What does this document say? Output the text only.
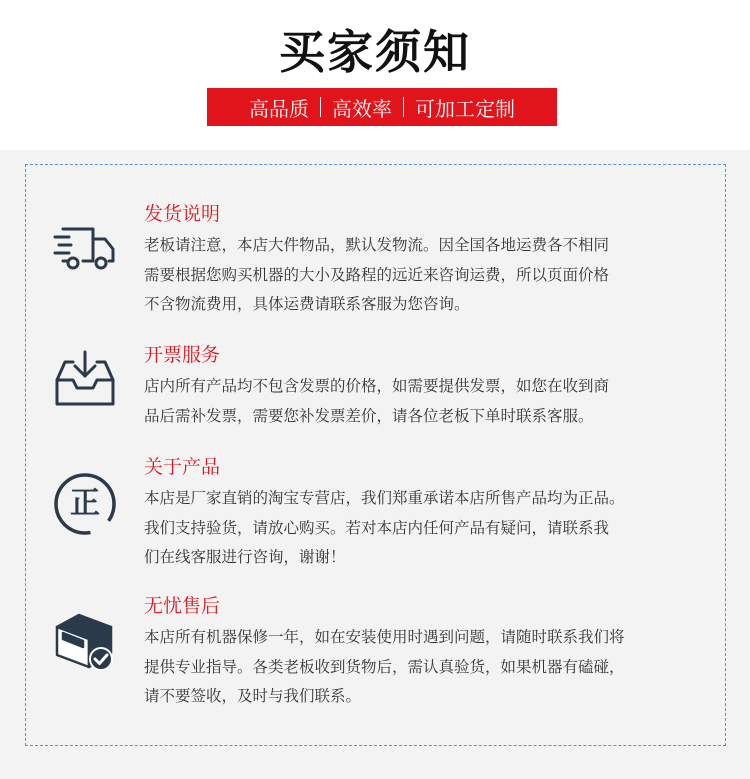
买家须知
高品质 高效率 可加工定制
发货说明
老板请注意，本店大件物品，默认发物流。因全国各地运费各不相同
需要根据您购买机器的大小及路程的远近来咨询运费，所以页面价格
不含物流费用，具体运费请联系客服为您咨询。
开票服务
店内所有产品均不包含发票的价格，如需要提供发票，如您在收到商
品后需补发票，需要您补发票差价，请各位老板下单时联系客服。
正
关于产品
本店是厂家直销的淘宝专营店，我们郑重承诺本店所售产品均为正品。
我们支持验货，请放心购买。若对本店内任何产品有疑问，请联系我
们在线客服进行咨询，谢谢！
无忧售后
本店所有机器保修一年，如在安装使用时遇到问题，请随时联系我们将
提供专业指导。各类老板收到货物后，需认真验货，如果机器有磕碰，
请不要签收，及时与我们联系。
